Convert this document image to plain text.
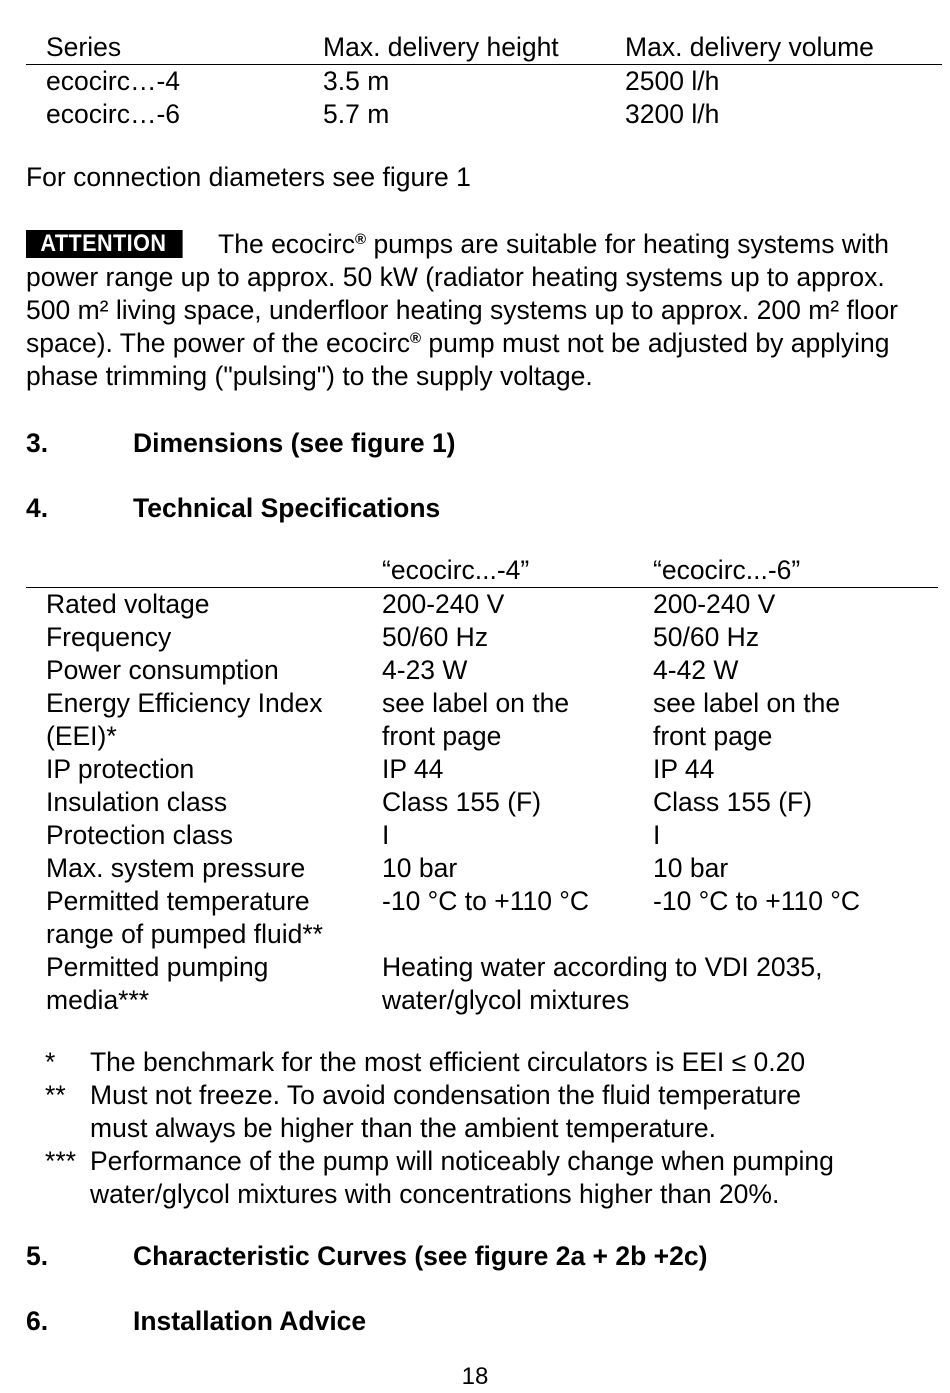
Series	Max. delivery height	Max. delivery volume

ecocirc…-4	3.5 m	2500 l/h
ecocirc…-6	5.7 m	3200 l/h
For connection diameters see figure 1
ATTENTION The ecocirc® pumps are suitable for heating systems with power range up to approx. 50 kW (radiator heating systems up to approx. 500 m² living space, underfloor heating systems up to approx. 200 m² floor space). The power of the ecocirc® pump must not be adjusted by applying phase trimming ("pulsing") to the supply voltage.
3.	Dimensions (see figure 1)
4.	Technical Specifications
	“ecocirc...-4”	“ecocirc...-6”

Rated voltage	200-240 V	200-240 V
Frequency	50/60 Hz	50/60 Hz
Power consumption	4-23 W	4-42 W
Energy Efficiency Index	see label on the	see label on the
(EEI)*	front page	front page
IP protection	IP 44	IP 44
Insulation class	Class 155 (F)	Class 155 (F)
Protection class	I	I
Max. system pressure	10 bar	10 bar
Permitted temperature	-10 °C to +110 °C	-10 °C to +110 °C
range of pumped fluid**		
Permitted pumping	Heating water according to VDI 2035,	
media***	water/glycol mixtures	
*	The benchmark for the most efficient circulators is EEI ≤ 0.20
** Must not freeze. To avoid condensation the fluid temperature
must always be higher than the ambient temperature.
*** Performance of the pump will noticeably change when pumping
water/glycol mixtures with concentrations higher than 20%.
5.	Characteristic Curves (see figure 2a + 2b +2c)
6.	Installation Advice
18
